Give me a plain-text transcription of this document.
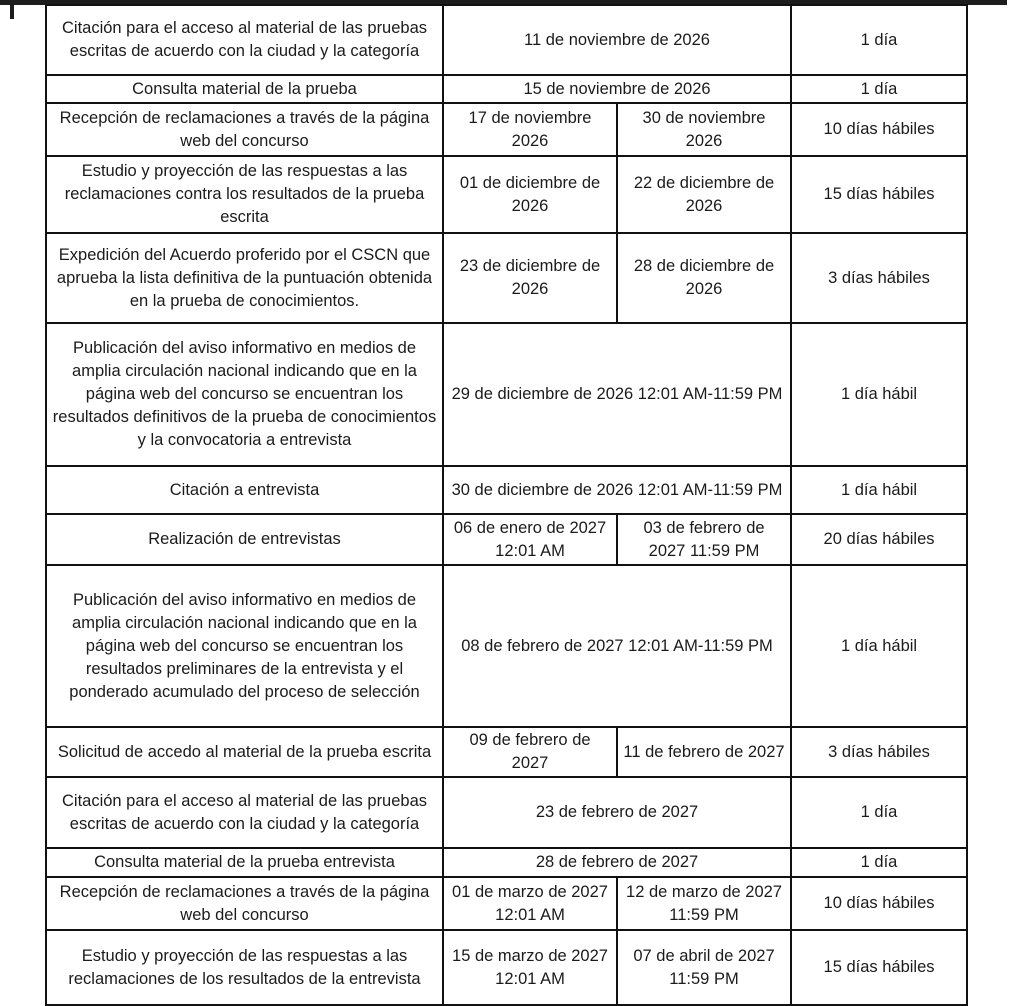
Citación para el acceso al material de las pruebas escritas de acuerdo con la ciudad y la categoría	11 de noviembre de 2026		1 día
Consulta material de la prueba	15 de noviembre de 2026		1 día
Recepción de reclamaciones a través de la página web del concurso	17 de noviembre 2026	30 de noviembre 2026	10 días hábiles
Estudio y proyección de las respuestas a las reclamaciones contra los resultados de la prueba escrita	01 de diciembre de 2026	22 de diciembre de 2026	15 días hábiles
Expedición del Acuerdo proferido por el CSCN que aprueba la lista definitiva de la puntuación obtenida en la prueba de conocimientos.	23 de diciembre de 2026	28 de diciembre de 2026	3 días hábiles
Publicación del aviso informativo en medios de amplia circulación nacional indicando que en la página web del concurso se encuentran los resultados definitivos de la prueba de conocimientos y la convocatoria a entrevista	29 de diciembre de 2026 12:01 AM-11:59 PM		1 día hábil
Citación a entrevista	30 de diciembre de 2026 12:01 AM-11:59 PM		1 día hábil
Realización de entrevistas	06 de enero de 2027 12:01 AM	03 de febrero de 2027 11:59 PM	20 días hábiles
Publicación del aviso informativo en medios de amplia circulación nacional indicando que en la página web del concurso se encuentran los resultados preliminares de la entrevista y el ponderado acumulado del proceso de selección	08 de febrero de 2027 12:01 AM-11:59 PM		1 día hábil
Solicitud de accedo al material de la prueba escrita	09 de febrero de 2027	11 de febrero de 2027	3 días hábiles
Citación para el acceso al material de las pruebas escritas de acuerdo con la ciudad y la categoría	23 de febrero de 2027		1 día
Consulta material de la prueba entrevista	28 de febrero de 2027		1 día
Recepción de reclamaciones a través de la página web del concurso	01 de marzo de 2027 12:01 AM	12 de marzo de 2027 11:59 PM	10 días hábiles
Estudio y proyección de las respuestas a las reclamaciones de los resultados de la entrevista	15 de marzo de 2027 12:01 AM	07 de abril de 2027 11:59 PM	15 días hábiles
